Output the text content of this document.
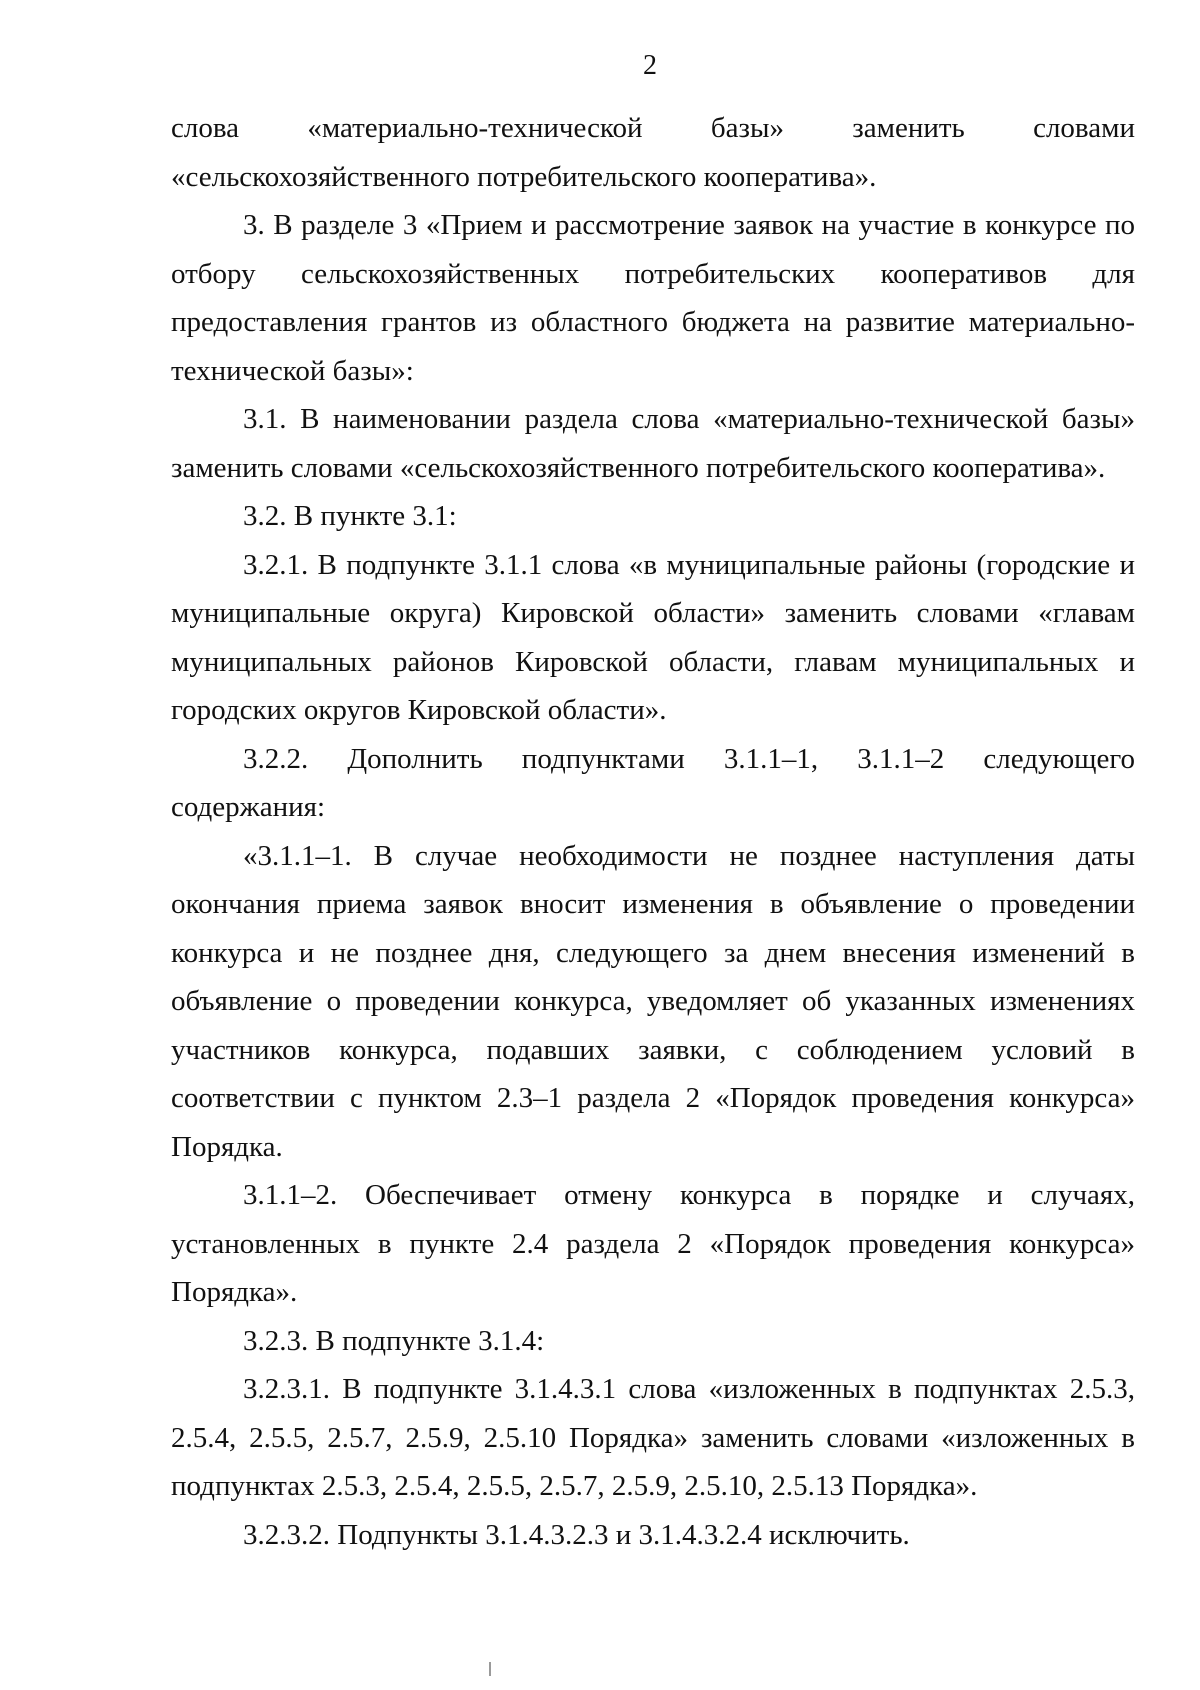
2

слова «материально-технической базы» заменить словами «сельскохозяйственного потребительского кооператива».

3. В разделе 3 «Прием и рассмотрение заявок на участие в конкурсе по отбору сельскохозяйственных потребительских кооперативов для предоставления грантов из областного бюджета на развитие материально-технической базы»:

3.1. В наименовании раздела слова «материально-технической базы» заменить словами «сельскохозяйственного потребительского кооператива».

3.2. В пункте 3.1:

3.2.1. В подпункте 3.1.1 слова «в муниципальные районы (городские и муниципальные округа) Кировской области» заменить словами «главам муниципальных районов Кировской области, главам муниципальных и городских округов Кировской области».

3.2.2. Дополнить подпунктами 3.1.1–1, 3.1.1–2 следующего содержания:

«3.1.1–1. В случае необходимости не позднее наступления даты окончания приема заявок вносит изменения в объявление о проведении конкурса и не позднее дня, следующего за днем внесения изменений в объявление о проведении конкурса, уведомляет об указанных изменениях участников конкурса, подавших заявки, с соблюдением условий в соответствии с пунктом 2.3–1 раздела 2 «Порядок проведения конкурса» Порядка.

3.1.1–2. Обеспечивает отмену конкурса в порядке и случаях, установленных в пункте 2.4 раздела 2 «Порядок проведения конкурса» Порядка».

3.2.3. В подпункте 3.1.4:

3.2.3.1. В подпункте 3.1.4.3.1 слова «изложенных в подпунктах 2.5.3, 2.5.4, 2.5.5, 2.5.7, 2.5.9, 2.5.10 Порядка» заменить словами «изложенных в подпунктах 2.5.3, 2.5.4, 2.5.5, 2.5.7, 2.5.9, 2.5.10, 2.5.13 Порядка».

3.2.3.2. Подпункты 3.1.4.3.2.3 и 3.1.4.3.2.4 исключить.
